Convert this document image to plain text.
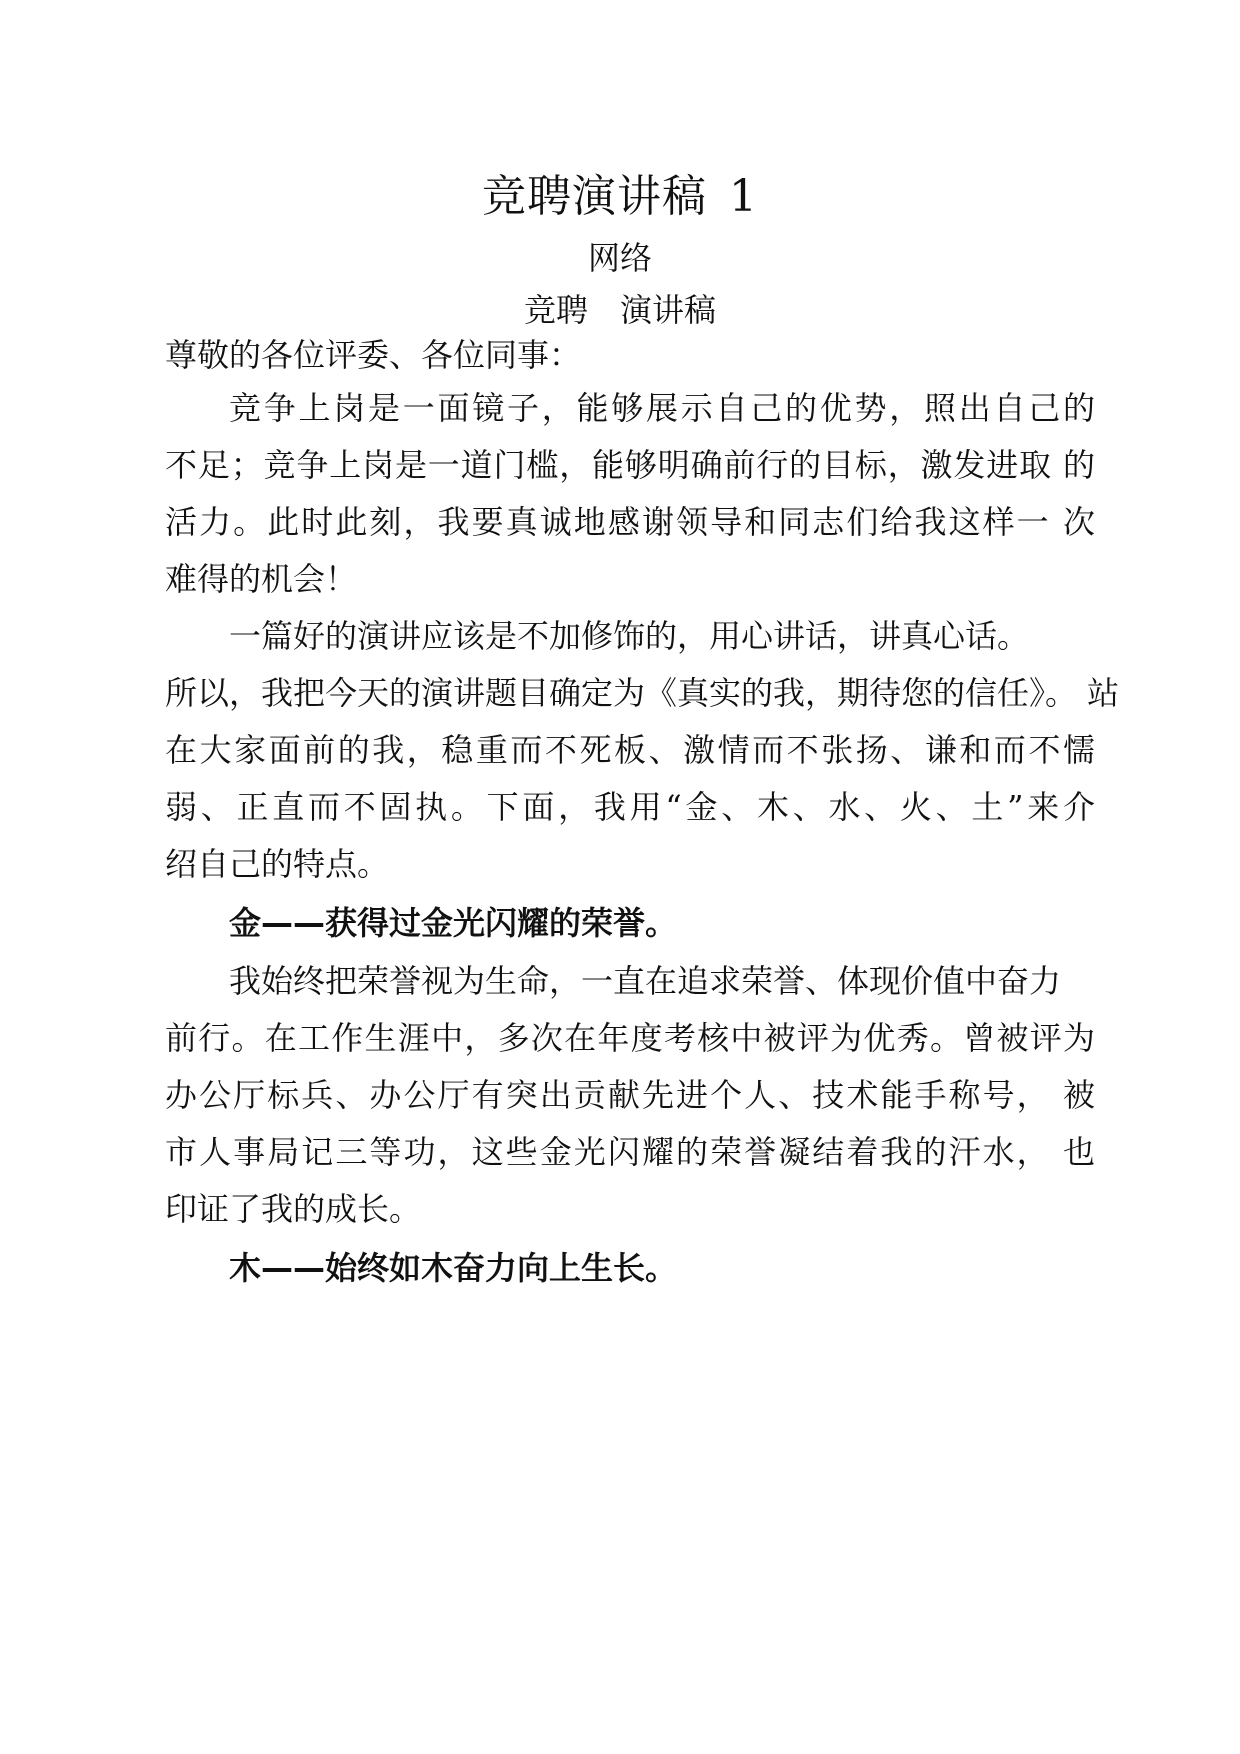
竞聘演讲稿 1
网络
竞聘 演讲稿
尊敬的各位评委、各位同事：
竞争上岗是一面镜子，能够展示自己的优势，照出自己的
不足；竞争上岗是一道门槛，能够明确前行的目标，激发进取 的
活力。此时此刻，我要真诚地感谢领导和同志们给我这样一 次
难得的机会！
一篇好的演讲应该是不加修饰的，用心讲话，讲真心话。
所以，我把今天的演讲题目确定为《真实的我，期待您的信任》。 站
在大家面前的我，稳重而不死板、激情而不张扬、谦和而不懦
弱、正直而不固执。下面，我用“金、木、水、火、土”来介
绍自己的特点。
金——获得过金光闪耀的荣誉。
我始终把荣誉视为生命，一直在追求荣誉、体现价值中奋力
前行。在工作生涯中，多次在年度考核中被评为优秀。曾被评为
办公厅标兵、办公厅有突出贡献先进个人、技术能手称号， 被
市人事局记三等功，这些金光闪耀的荣誉凝结着我的汗水， 也
印证了我的成长。
木——始终如木奋力向上生长。
